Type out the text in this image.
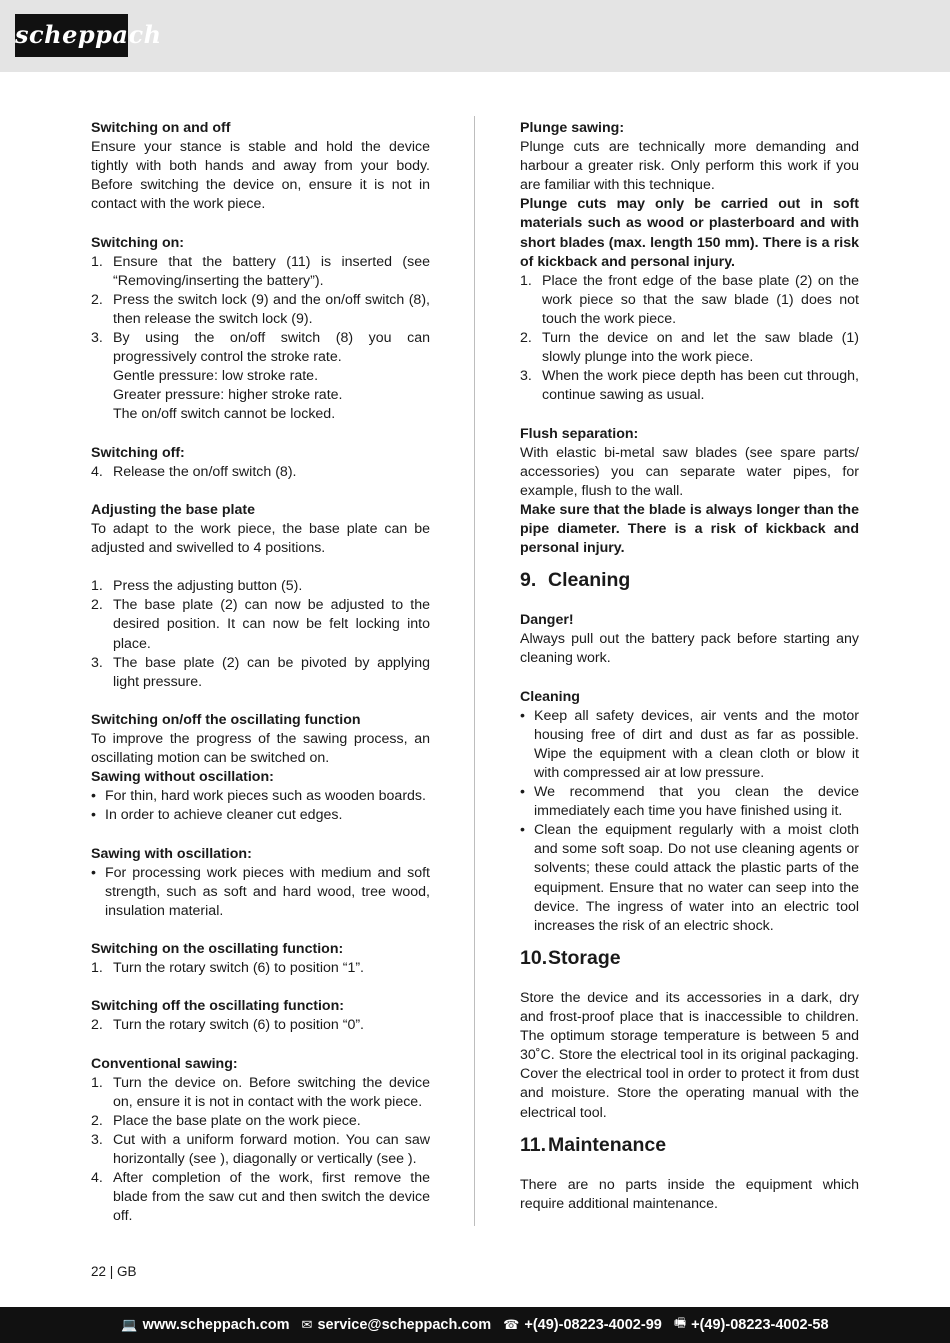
scheppach

Switching on and off

Ensure your stance is stable and hold the device tightly with both hands and away from your body. Before switching the device on, ensure it is not in contact with the work piece.

Switching on:

1. Ensure that the battery (11) is inserted (see “Removing/inserting the battery”).
2. Press the switch lock (9) and the on/off switch (8), then release the switch lock (9).
3. By using the on/off switch (8) you can progressively control the stroke rate.
Gentle pressure: low stroke rate.
Greater pressure: higher stroke rate.
The on/off switch cannot be locked.

Switching off:

4. Release the on/off switch (8).

Adjusting the base plate

To adapt to the work piece, the base plate can be adjusted and swivelled to 4 positions.

1. Press the adjusting button (5).
2. The base plate (2) can now be adjusted to the desired position. It can now be felt locking into place.
3. The base plate (2) can be pivoted by applying light pressure.

Switching on/off the oscillating function

To improve the progress of the sawing process, an oscillating motion can be switched on.

Sawing without oscillation:

• For thin, hard work pieces such as wooden boards.
• In order to achieve cleaner cut edges.

Sawing with oscillation:

• For processing work pieces with medium and soft strength, such as soft and hard wood, tree wood, insulation material.

Switching on the oscillating function:

1. Turn the rotary switch (6) to position “1”.

Switching off the oscillating function:

2. Turn the rotary switch (6) to position “0”.

Conventional sawing:

1. Turn the device on. Before switching the device on, ensure it is not in contact with the work piece.
2. Place the base plate on the work piece.
3. Cut with a uniform forward motion. You can saw horizontally (see ), diagonally or vertically (see ).
4. After completion of the work, first remove the blade from the saw cut and then switch the device off.

Plunge sawing:

Plunge cuts are technically more demanding and harbour a greater risk. Only perform this work if you are familiar with this technique.

Plunge cuts may only be carried out in soft materials such as wood or plasterboard and with short blades (max. length 150 mm). There is a risk of kickback and personal injury.

1. Place the front edge of the base plate (2) on the work piece so that the saw blade (1) does not touch the work piece.
2. Turn the device on and let the saw blade (1) slowly plunge into the work piece.
3. When the work piece depth has been cut through, continue sawing as usual.

Flush separation:

With elastic bi-metal saw blades (see spare parts/ accessories) you can separate water pipes, for example, flush to the wall.

Make sure that the blade is always longer than the pipe diameter. There is a risk of kickback and personal injury.

9. Cleaning

Danger!

Always pull out the battery pack before starting any cleaning work.

Cleaning

• Keep all safety devices, air vents and the motor housing free of dirt and dust as far as possible. Wipe the equipment with a clean cloth or blow it with compressed air at low pressure.
• We recommend that you clean the device immediately each time you have finished using it.
• Clean the equipment regularly with a moist cloth and some soft soap. Do not use cleaning agents or solvents; these could attack the plastic parts of the equipment. Ensure that no water can seep into the device. The ingress of water into an electric tool increases the risk of an electric shock.
10. Storage

Store the device and its accessories in a dark, dry and frost-proof place that is inaccessible to children. The optimum storage temperature is between 5 and 30˚C. Store the electrical tool in its original packaging. Cover the electrical tool in order to protect it from dust and moisture. Store the operating manual with the electrical tool.

11. Maintenance

There are no parts inside the equipment which require additional maintenance.

22 | GB
💻 www.scheppach.com ✉ service@scheppach.com ☎ +(49)-08223-4002-99 🖷 +(49)-08223-4002-58
